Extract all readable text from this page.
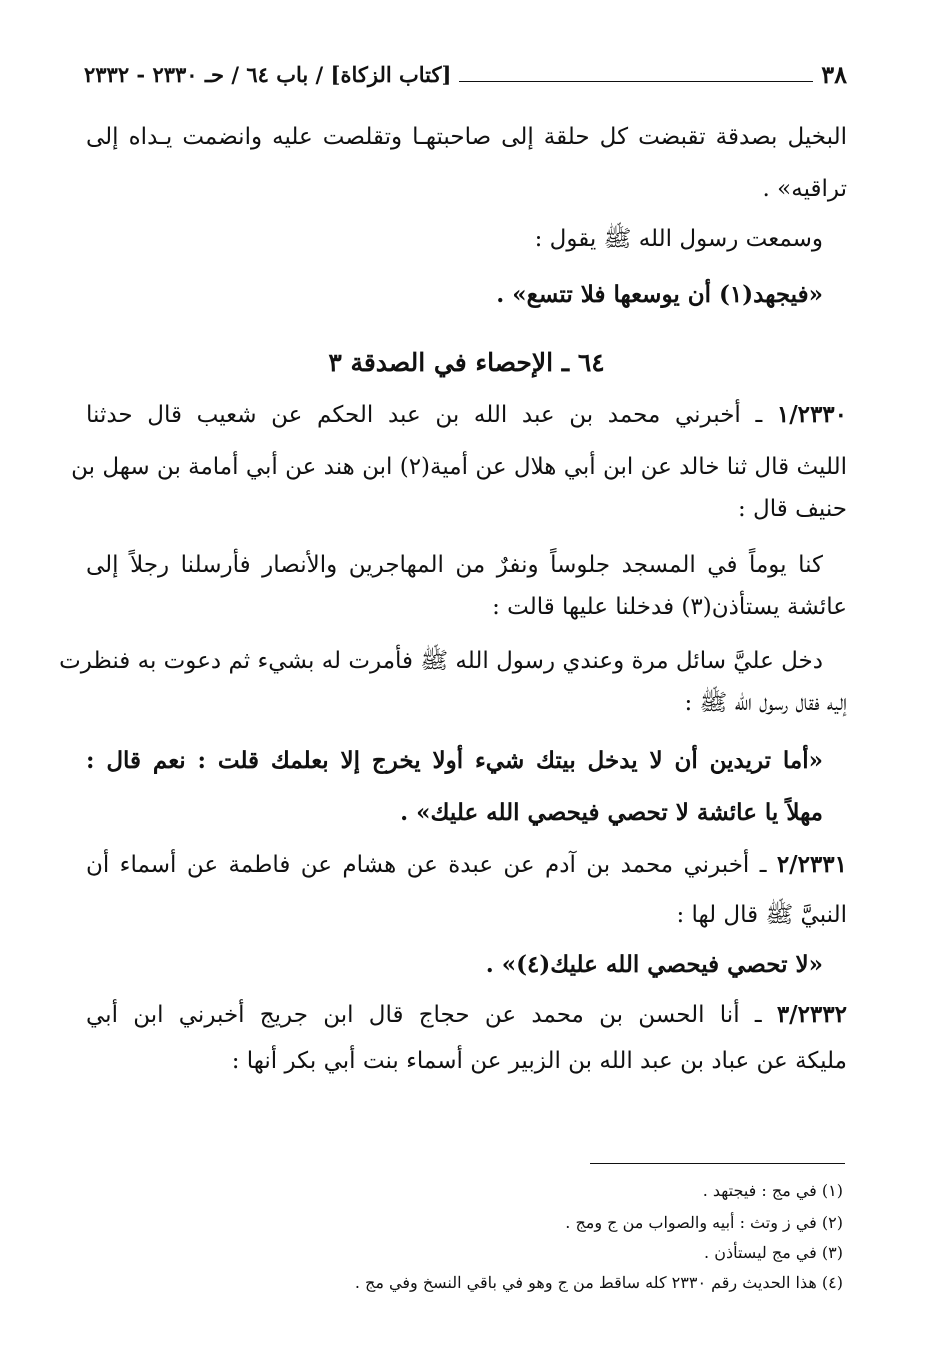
٣٨
[كتاب الزكاة] / باب ٦٤ / حـ ٢٣٣٠ - ٢٣٣٢
البخيل بصدقة تقبضت كل حلقة إلى صاحبتهـا وتقلصت عليه وانضمت يـداه إلى
تراقيه» .
وسمعت رسول الله ﷺ يقول :
«فيجهد(١) أن يوسعها فلا تتسع» .
٦٤ ـ الإحصاء في الصدقة ٣
١/٢٣٣٠ ـ أخبرني محمد بن عبد الله بن عبد الحكم عن شعيب قال حدثنا
الليث قال ثنا خالد عن ابن أبي هلال عن أمية(٢) ابن هند عن أبي أمامة بن سهل بن
حنيف قال :
كنا يوماً في المسجد جلوساً ونفرٌ من المهاجرين والأنصار فأرسلنا رجلاً إلى
عائشة يستأذن(٣) فدخلنا عليها قالت :
دخل عليَّ سائل مرة وعندي رسول الله ﷺ فأمرت له بشيء ثم دعوت به فنظرت
إليه فقال رسول الله ﷺ :
«أما تريدين أن لا يدخل بيتك شيء أولا يخرج إلا بعلمك قلت : نعم قال :
مهلاً يا عائشة لا تحصي فيحصي الله عليك» .
٢/٢٣٣١ ـ أخبرني محمد بن آدم عن عبدة عن هشام عن فاطمة عن أسماء أن
النبيَّ ﷺ قال لها :
«لا تحصي فيحصي الله عليك(٤)» .
٣/٢٣٣٢ ـ أنا الحسن بن محمد عن حجاج قال ابن جريج أخبرني ابن أبي
مليكة عن عباد بن عبد الله بن الزبير عن أسماء بنت أبي بكر أنها :
(١) في مج : فيجتهد .
(٢) في ز وتث : أبيه والصواب من ج ومج .
(٣) في مج ليستأذن .
(٤) هذا الحديث رقم ٢٣٣٠ كله ساقط من ج وهو في باقي النسخ وفي مج .
